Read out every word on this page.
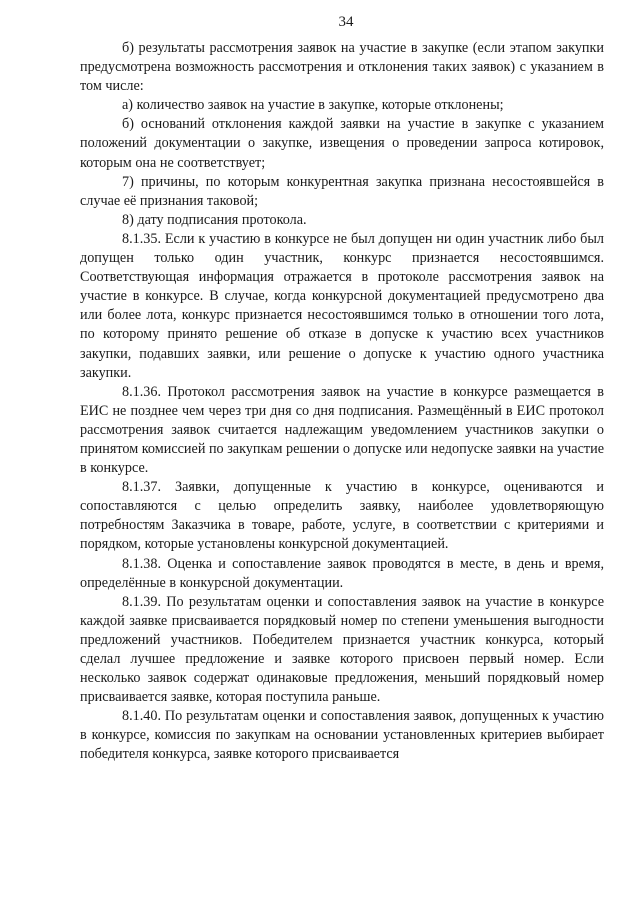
34

б) результаты рассмотрения заявок на участие в закупке (если этапом закупки предусмотрена возможность рассмотрения и отклонения таких заявок) с указанием в том числе:

а) количество заявок на участие в закупке, которые отклонены;

б) оснований отклонения каждой заявки на участие в закупке с указанием положений документации о закупке, извещения о проведении запроса котировок, которым она не соответствует;

7) причины, по которым конкурентная закупка признана несостоявшейся в случае её признания таковой;

8) дату подписания протокола.

8.1.35. Если к участию в конкурсе не был допущен ни один участник либо был допущен только один участник, конкурс признается несостоявшимся. Соответствующая информация отражается в протоколе рассмотрения заявок на участие в конкурсе. В случае, когда конкурсной документацией предусмотрено два или более лота, конкурс признается несостоявшимся только в отношении того лота, по которому принято решение об отказе в допуске к участию всех участников закупки, подавших заявки, или решение о допуске к участию одного участника закупки.

8.1.36. Протокол рассмотрения заявок на участие в конкурсе размещается в ЕИС не позднее чем через три дня со дня подписания. Размещённый в ЕИС протокол рассмотрения заявок считается надлежащим уведомлением участников закупки о принятом комиссией по закупкам решении о допуске или недопуске заявки на участие в конкурсе.

8.1.37. Заявки, допущенные к участию в конкурсе, оцениваются и сопоставляются с целью определить заявку, наиболее удовлетворяющую потребностям Заказчика в товаре, работе, услуге, в соответствии с критериями и порядком, которые установлены конкурсной документацией.

8.1.38. Оценка и сопоставление заявок проводятся в месте, в день и время, определённые в конкурсной документации.

8.1.39. По результатам оценки и сопоставления заявок на участие в конкурсе каждой заявке присваивается порядковый номер по степени уменьшения выгодности предложений участников. Победителем признается участник конкурса, который сделал лучшее предложение и заявке которого присвоен первый номер. Если несколько заявок содержат одинаковые предложения, меньший порядковый номер присваивается заявке, которая поступила раньше.

8.1.40. По результатам оценки и сопоставления заявок, допущенных к участию в конкурсе, комиссия по закупкам на основании установленных критериев выбирает победителя конкурса, заявке которого присваивается
